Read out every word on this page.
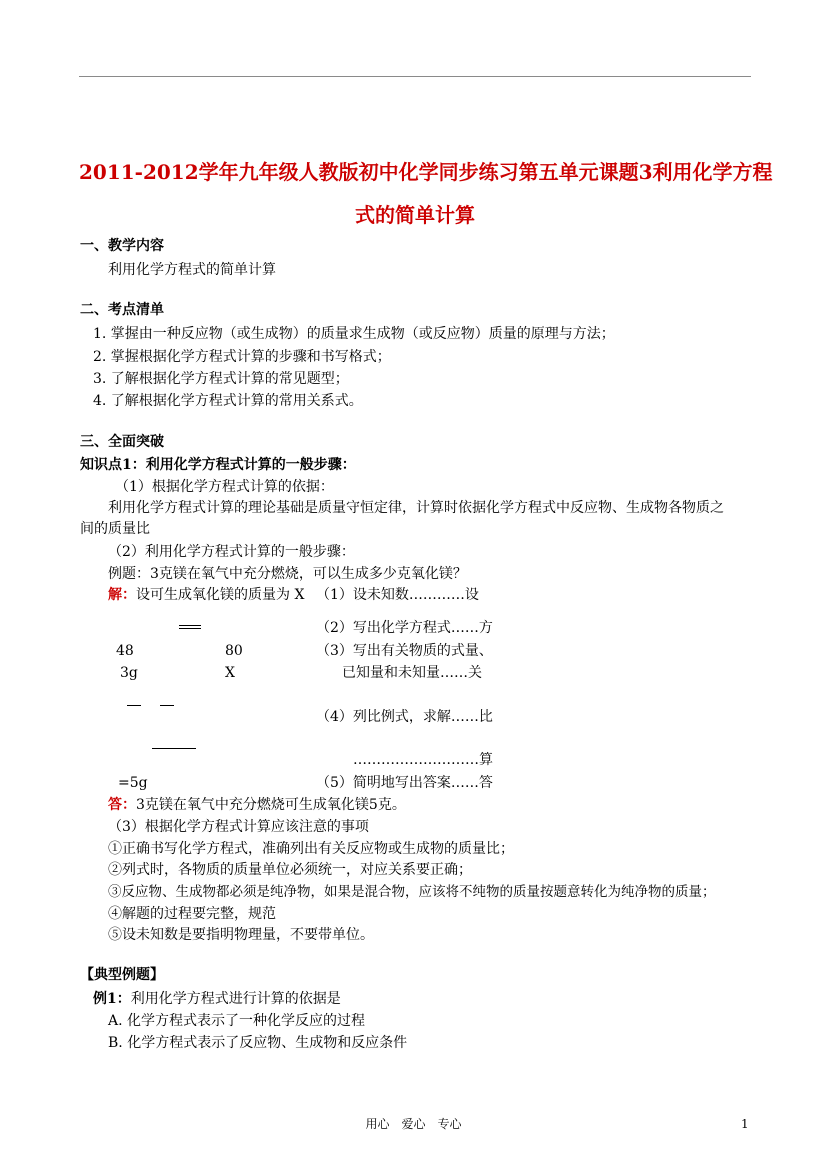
2011-2012学年九年级人教版初中化学同步练习第五单元课题3利用化学方程
式的简单计算
一、教学内容
利用化学方程式的简单计算
二、考点清单
1. 掌握由一种反应物（或生成物）的质量求生成物（或反应物）质量的原理与方法；
2. 掌握根据化学方程式计算的步骤和书写格式；
3. 了解根据化学方程式计算的常见题型；
4. 了解根据化学方程式计算的常用关系式。
三、全面突破
知识点1：利用化学方程式计算的一般步骤：
（1）根据化学方程式计算的依据：
利用化学方程式计算的理论基础是质量守恒定律，计算时依据化学方程式中反应物、生成物各物质之
间的质量比
（2）利用化学方程式计算的一般步骤：
例题：3克镁在氧气中充分燃烧，可以生成多少克氧化镁？
解：设可生成氧化镁的质量为 X （1）设未知数…………设
（2）写出化学方程式……方
48	80	（3）写出有关物质的式量、
3g	X	已知量和未知量……关
（4）列比例式，求解……比
………………………算
=5g	（5）简明地写出答案……答
答：3克镁在氧气中充分燃烧可生成氧化镁5克。
（3）根据化学方程式计算应该注意的事项
①正确书写化学方程式，准确列出有关反应物或生成物的质量比；
②列式时，各物质的质量单位必须统一，对应关系要正确；
③反应物、生成物都必须是纯净物，如果是混合物，应该将不纯物的质量按题意转化为纯净物的质量；
④解题的过程要完整，规范
⑤设未知数是要指明物理量，不要带单位。
【典型例题】
例1：利用化学方程式进行计算的依据是
A. 化学方程式表示了一种化学反应的过程
B. 化学方程式表示了反应物、生成物和反应条件
用心　爱心　专心	1
